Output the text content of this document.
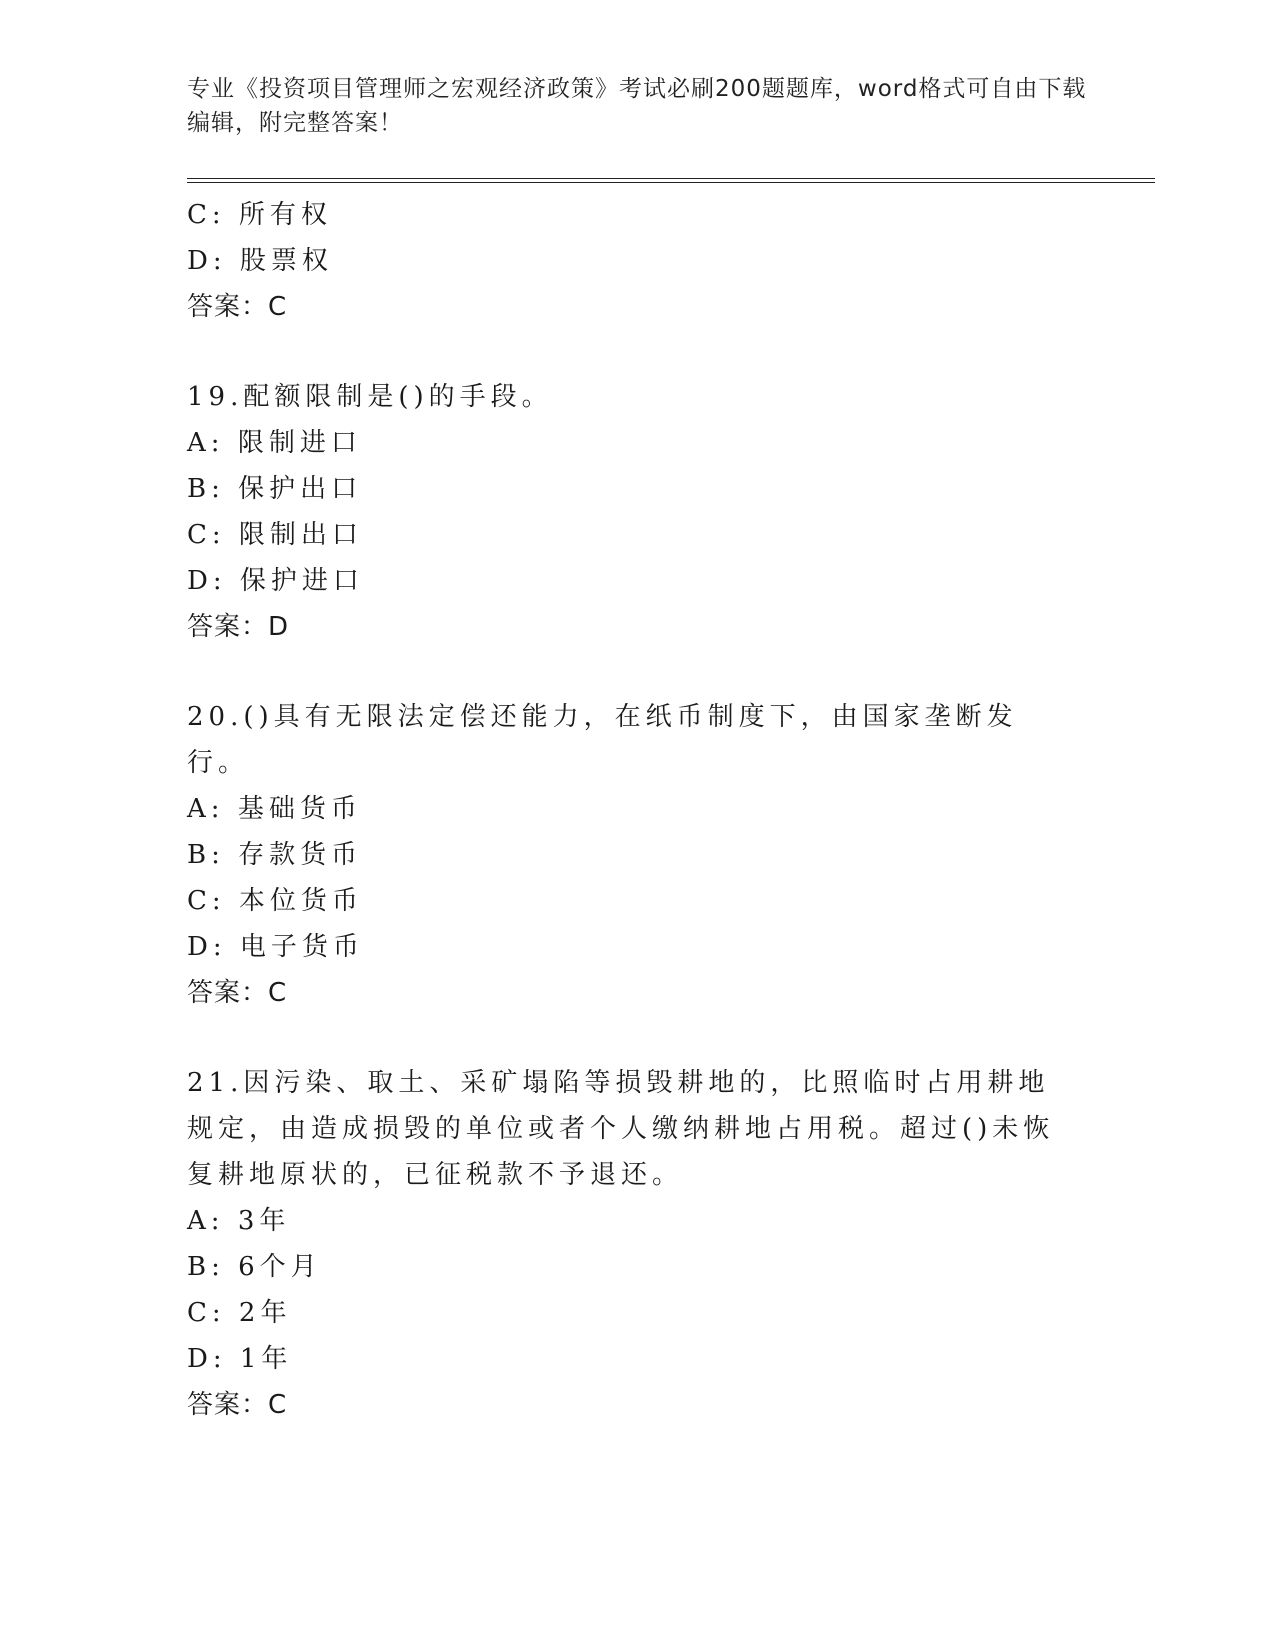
专业《投资项目管理师之宏观经济政策》考试必刷200题题库，word格式可自由下载编辑，附完整答案！
C: 所有权
D: 股票权
答案：C
19.配额限制是()的手段。
A: 限制进口
B: 保护出口
C: 限制出口
D: 保护进口
答案：D
20.()具有无限法定偿还能力，在纸币制度下，由国家垄断发行。
A: 基础货币
B: 存款货币
C: 本位货币
D: 电子货币
答案：C
21.因污染、取土、采矿塌陷等损毁耕地的，比照临时占用耕地规定，由造成损毁的单位或者个人缴纳耕地占用税。超过()未恢复耕地原状的，已征税款不予退还。
A: 3年
B: 6个月
C: 2年
D: 1年
答案：C
